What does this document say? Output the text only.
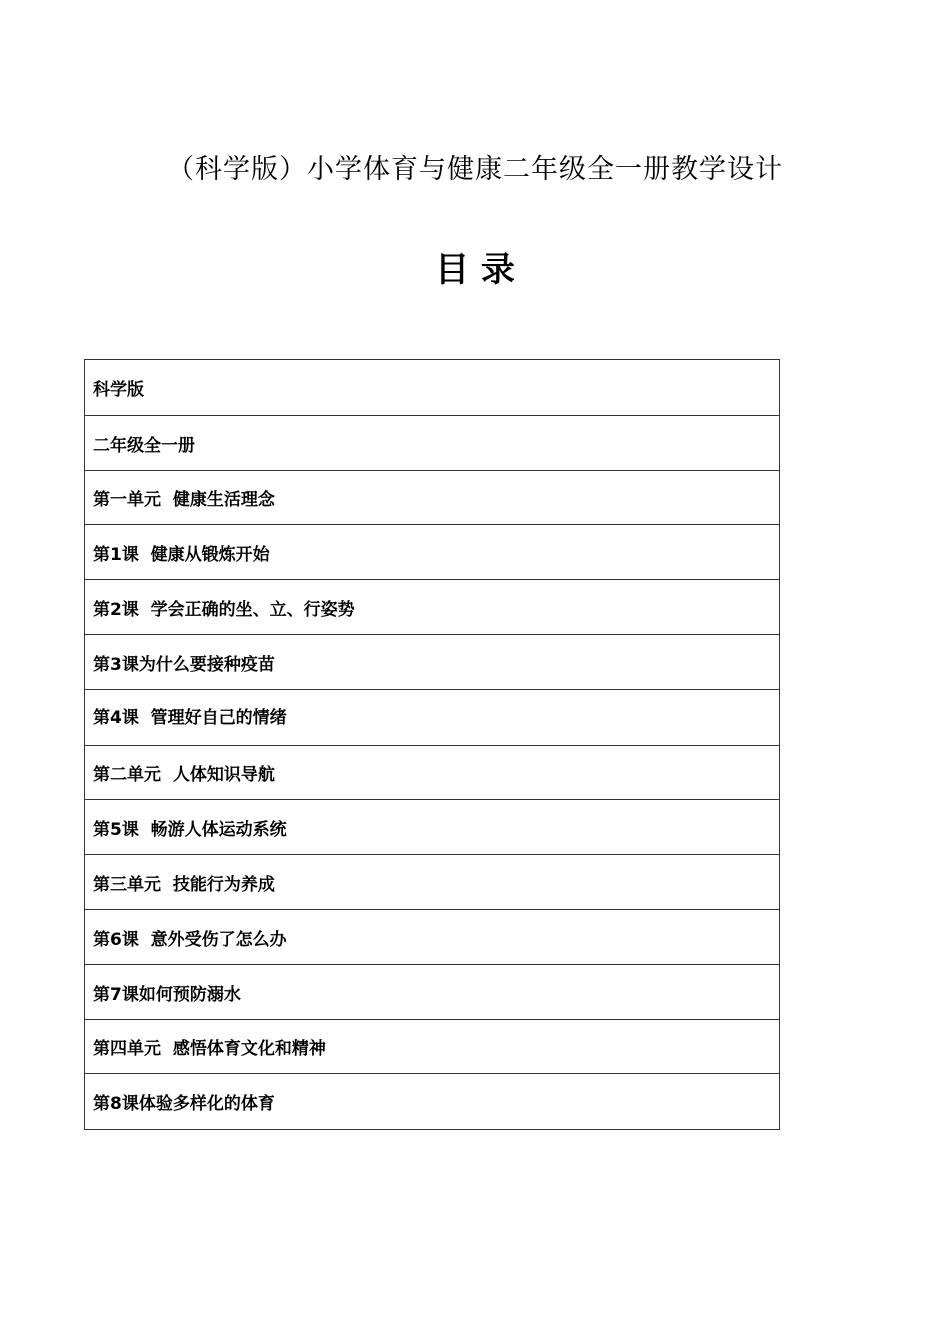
（科学版）小学体育与健康二年级全一册教学设计
目 录
科学版
二年级全一册
第一单元  健康生活理念
第1课  健康从锻炼开始
第2课  学会正确的坐、立、行姿势
第3课为什么要接种疫苗
第4课  管理好自己的情绪
第二单元  人体知识导航
第5课  畅游人体运动系统
第三单元  技能行为养成
第6课  意外受伤了怎么办
第7课如何预防溺水
第四单元  感悟体育文化和精神
第8课体验多样化的体育
